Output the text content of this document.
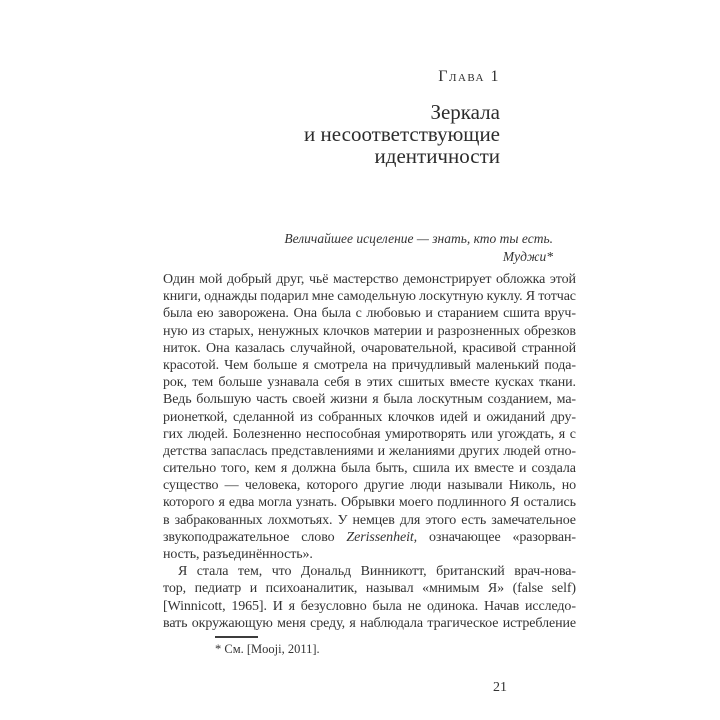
Глава 1
Зеркала
и несоответствующие
идентичности
Величайшее исцеление — знать, кто ты есть.
Муджи*
Один мой добрый друг, чьё мастерство демонстрирует обложка этой
книги, однажды подарил мне самодельную лоскутную куклу. Я тотчас
была ею заворожена. Она была с любовью и старанием сшита вруч-
ную из старых, ненужных клочков материи и разрозненных обрезков
ниток. Она казалась случайной, очаровательной, красивой странной
красотой. Чем больше я смотрела на причудливый маленький пода-
рок, тем больше узнавала себя в этих сшитых вместе кусках ткани.
Ведь большую часть своей жизни я была лоскутным созданием, ма-
рионеткой, сделанной из собранных клочков идей и ожиданий дру-
гих людей. Болезненно неспособная умиротворять или угождать, я с
детства запаслась представлениями и желаниями других людей отно-
сительно того, кем я должна была быть, сшила их вместе и создала
существо — человека, которого другие люди называли Николь, но
которого я едва могла узнать. Обрывки моего подлинного Я остались
в забракованных лохмотьях. У немцев для этого есть замечательное
звукоподражательное слово Zerissenheit, означающее «разорван-
ность, разъединённость».
Я стала тем, что Дональд Винникотт, британский врач-нова-
тор, педиатр и психоаналитик, называл «мнимым Я» (false self)
[Winnicott, 1965]. И я безусловно была не одинока. Начав исследо-
вать окружающую меня среду, я наблюдала трагическое истребление
* См. [Mooji, 2011].
21
